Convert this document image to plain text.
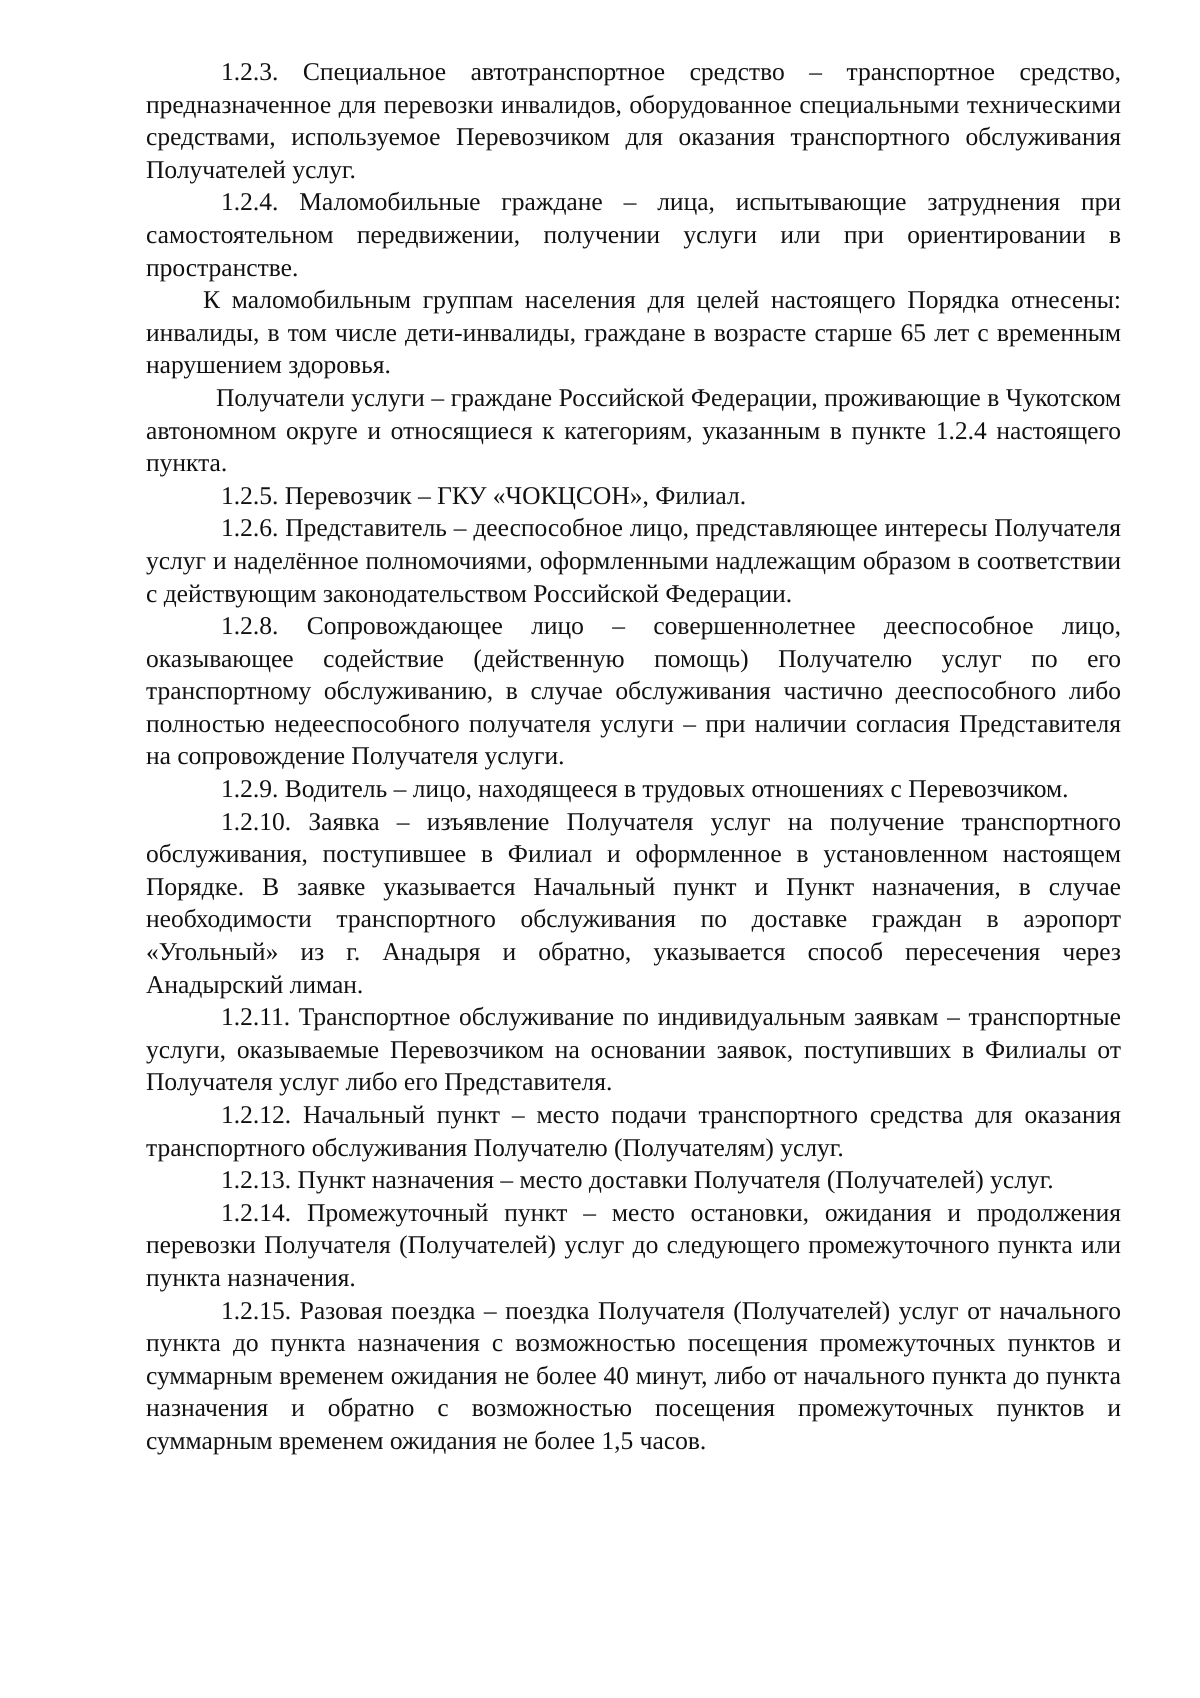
1.2.3. Специальное автотранспортное средство – транспортное средство, предназначенное для перевозки инвалидов, оборудованное специальными техническими средствами, используемое Перевозчиком для оказания транспортного обслуживания Получателей услуг.

1.2.4. Маломобильные граждане – лица, испытывающие затруднения при самостоятельном передвижении, получении услуги или при ориентировании в пространстве.

К маломобильным группам населения для целей настоящего Порядка отнесены: инвалиды, в том числе дети-инвалиды, граждане в возрасте старше 65 лет с временным нарушением здоровья.

Получатели услуги – граждане Российской Федерации, проживающие в Чукотском автономном округе и относящиеся к категориям, указанным в пункте 1.2.4 настоящего пункта.

1.2.5. Перевозчик – ГКУ «ЧОКЦСОН», Филиал.

1.2.6. Представитель – дееспособное лицо, представляющее интересы Получателя услуг и наделённое полномочиями, оформленными надлежащим образом в соответствии с действующим законодательством Российской Федерации.

1.2.8. Сопровождающее лицо – совершеннолетнее дееспособное лицо, оказывающее содействие (действенную помощь) Получателю услуг по его транспортному обслуживанию, в случае обслуживания частично дееспособного либо полностью недееспособного получателя услуги – при наличии согласия Представителя на сопровождение Получателя услуги.

1.2.9. Водитель – лицо, находящееся в трудовых отношениях с Перевозчиком.

1.2.10. Заявка – изъявление Получателя услуг на получение транспортного обслуживания, поступившее в Филиал и оформленное в установленном настоящем Порядке. В заявке указывается Начальный пункт и Пункт назначения, в случае необходимости транспортного обслуживания по доставке граждан в аэропорт «Угольный» из г. Анадыря и обратно, указывается способ пересечения через Анадырский лиман.

1.2.11. Транспортное обслуживание по индивидуальным заявкам – транспортные услуги, оказываемые Перевозчиком на основании заявок, поступивших в Филиалы от Получателя услуг либо его Представителя.

1.2.12. Начальный пункт – место подачи транспортного средства для оказания транспортного обслуживания Получателю (Получателям) услуг.

1.2.13. Пункт назначения – место доставки Получателя (Получателей) услуг.

1.2.14. Промежуточный пункт – место остановки, ожидания и продолжения перевозки Получателя (Получателей) услуг до следующего промежуточного пункта или пункта назначения.

1.2.15. Разовая поездка – поездка Получателя (Получателей) услуг от начального пункта до пункта назначения с возможностью посещения промежуточных пунктов и суммарным временем ожидания не более 40 минут, либо от начального пункта до пункта назначения и обратно с возможностью посещения промежуточных пунктов и суммарным временем ожидания не более 1,5 часов.
